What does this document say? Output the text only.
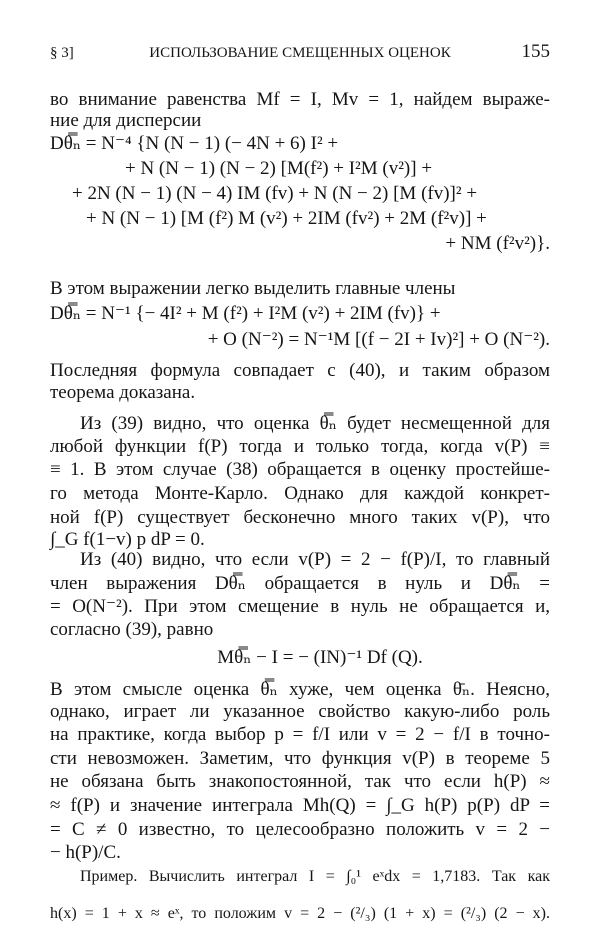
§ 3]	ИСПОЛЬЗОВАНИЕ СМЕЩЕННЫХ ОЦЕНОК	155
во внимание равенства Mf = I, Mv = 1, найдем выраже-
ние для дисперсии
Dθ̿ₙ = N⁻⁴ {N (N − 1) (− 4N + 6) I² +
+ N (N − 1) (N − 2) [M(f²) + I²M (v²)] +
+ 2N (N − 1) (N − 4) IM (fv) + N (N − 2) [M (fv)]² +
+ N (N − 1) [M (f²) M (v²) + 2IM (fv²) + 2M (f²v)] +
+ NM (f²v²)}.
В этом выражении легко выделить главные члены
Dθ̿ₙ = N⁻¹ {− 4I² + M (f²) + I²M (v²) + 2IM (fv)} +
+ O (N⁻²) = N⁻¹M [(f − 2I + Iv)²] + O (N⁻²).
Последняя формула совпадает с (40), и таким образом
теорема доказана.
Из (39) видно, что оценка θ̿ₙ будет несмещенной для
любой функции f(P) тогда и только тогда, когда v(P) ≡
≡ 1. В этом случае (38) обращается в оценку простейше-
го метода Монте-Карло. Однако для каждой конкрет-
ной f(P) существует бесконечно много таких v(P), что
∫_G f(1−v) p dP = 0.
Из (40) видно, что если v(P) = 2 − f(P)/I, то главный
член выражения Dθ̿ₙ обращается в нуль и Dθ̿ₙ =
= O(N⁻²). При этом смещение в нуль не обращается и,
согласно (39), равно
Mθ̿ₙ − I = − (IN)⁻¹ Df (Q).
В этом смысле оценка θ̿ₙ хуже, чем оценка θ̄ₙ. Неясно,
однако, играет ли указанное свойство какую-либо роль
на практике, когда выбор p = f/I или v = 2 − f/I в точно-
сти невозможен. Заметим, что функция v(P) в теореме 5
не обязана быть знакопостоянной, так что если h(P) ≈
≈ f(P) и значение интеграла Mh(Q) = ∫_G h(P) p(P) dP =
= C ≠ 0 известно, то целесообразно положить v = 2 −
− h(P)/C.
Пример. Вычислить интеграл I = ∫₀¹ eˣdx = 1,7183. Так как
h(x) = 1 + x ≈ eˣ, то положим v = 2 − (²/₃) (1 + x) = (²/₃) (2 − x).
